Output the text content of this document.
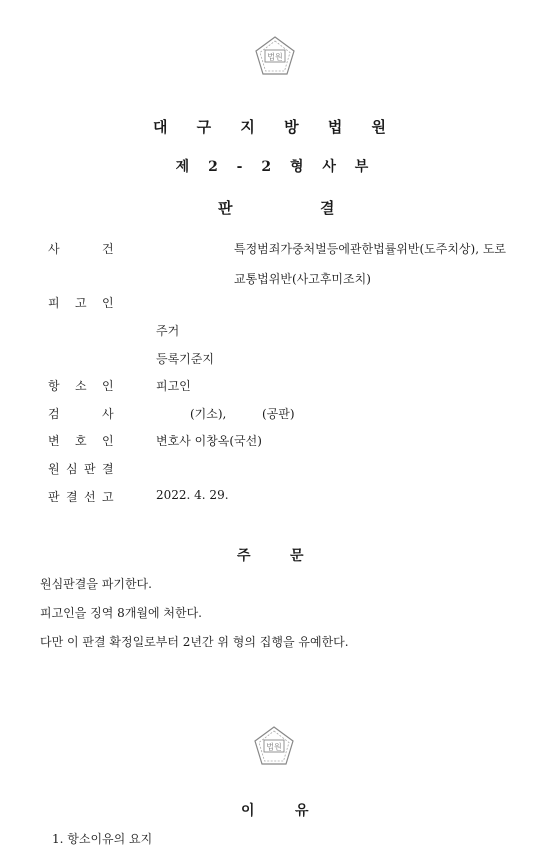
법원
대 구 지 방 법 원
제 2 - 2 형 사 부
판	결
사	건	특정범죄가중처벌등에관한법률위반(도주치상), 도로
교통법위반(사고후미조치)
피 고 인
주거
등록기준지
항 소 인	피고인
검	사	(기소),	(공판)
변 호 인	변호사 이창옥(국선)
원 심 판 결
판 결 선 고	2022. 4. 29.
주	문
원심판결을 파기한다.
피고인을 징역 8개월에 처한다.
다만 이 판결 확정일로부터 2년간 위 형의 집행을 유예한다.
법원
이	유
1. 항소이유의 요지
